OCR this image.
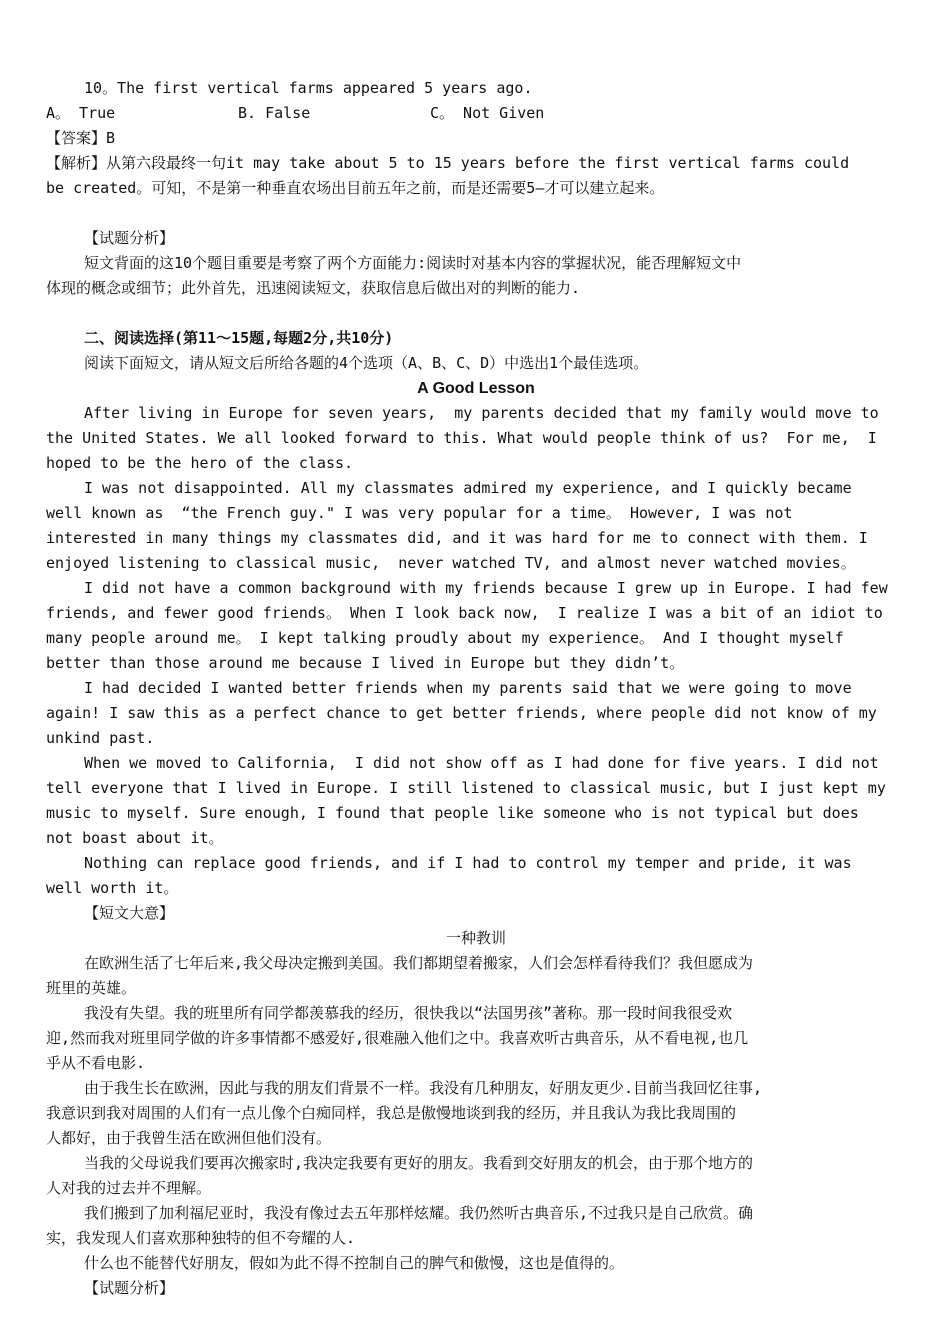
10。The first vertical farms appeared 5 years ago.
A。 True	B. False	C。 Not Given
【答案】B
【解析】从第六段最终一句it may take about 5 to 15 years before the first vertical farms could
be created。可知，不是第一种垂直农场出目前五年之前，而是还需要5—才可以建立起来。
【试题分析】
短文背面的这10个题目重要是考察了两个方面能力:阅读时对基本内容的掌握状况，能否理解短文中
体现的概念或细节；此外首先，迅速阅读短文，获取信息后做出对的判断的能力.
二、阅读选择(第11～15题,每题2分,共10分)
阅读下面短文，请从短文后所给各题的4个选项（A、B、C、D）中选出1个最佳选项。
A Good Lesson
After living in Europe for seven years,  my parents decided that my family would move to
the United States. We all looked forward to this. What would people think of us?  For me,  I
hoped to be the hero of the class.
I was not disappointed. All my classmates admired my experience, and I quickly became
well known as  “the French guy." I was very popular for a time。 However, I was not
interested in many things my classmates did, and it was hard for me to connect with them. I
enjoyed listening to classical music,  never watched TV, and almost never watched movies。
I did not have a common background with my friends because I grew up in Europe. I had few
friends, and fewer good friends。 When I look back now,  I realize I was a bit of an idiot to
many people around me。 I kept talking proudly about my experience。 And I thought myself
better than those around me because I lived in Europe but they didn’t。
I had decided I wanted better friends when my parents said that we were going to move
again! I saw this as a perfect chance to get better friends, where people did not know of my
unkind past.
When we moved to California,  I did not show off as I had done for five years. I did not
tell everyone that I lived in Europe. I still listened to classical music, but I just kept my
music to myself. Sure enough, I found that people like someone who is not typical but does
not boast about it。
Nothing can replace good friends, and if I had to control my temper and pride, it was
well worth it。
【短文大意】
一种教训
在欧洲生活了七年后来,我父母决定搬到美国。我们都期望着搬家，人们会怎样看待我们？我但愿成为
班里的英雄。
我没有失望。我的班里所有同学都羡慕我的经历，很快我以“法国男孩”著称。那一段时间我很受欢
迎,然而我对班里同学做的许多事情都不感爱好,很难融入他们之中。我喜欢听古典音乐，从不看电视,也几
乎从不看电影.
由于我生长在欧洲，因此与我的朋友们背景不一样。我没有几种朋友，好朋友更少.目前当我回忆往事,
我意识到我对周围的人们有一点儿像个白痴同样，我总是傲慢地谈到我的经历，并且我认为我比我周围的
人都好，由于我曾生活在欧洲但他们没有。
当我的父母说我们要再次搬家时,我决定我要有更好的朋友。我看到交好朋友的机会，由于那个地方的
人对我的过去并不理解。
我们搬到了加利福尼亚时，我没有像过去五年那样炫耀。我仍然听古典音乐,不过我只是自己欣赏。确
实，我发现人们喜欢那种独特的但不夸耀的人.
什么也不能替代好朋友，假如为此不得不控制自己的脾气和傲慢，这也是值得的。
【试题分析】
